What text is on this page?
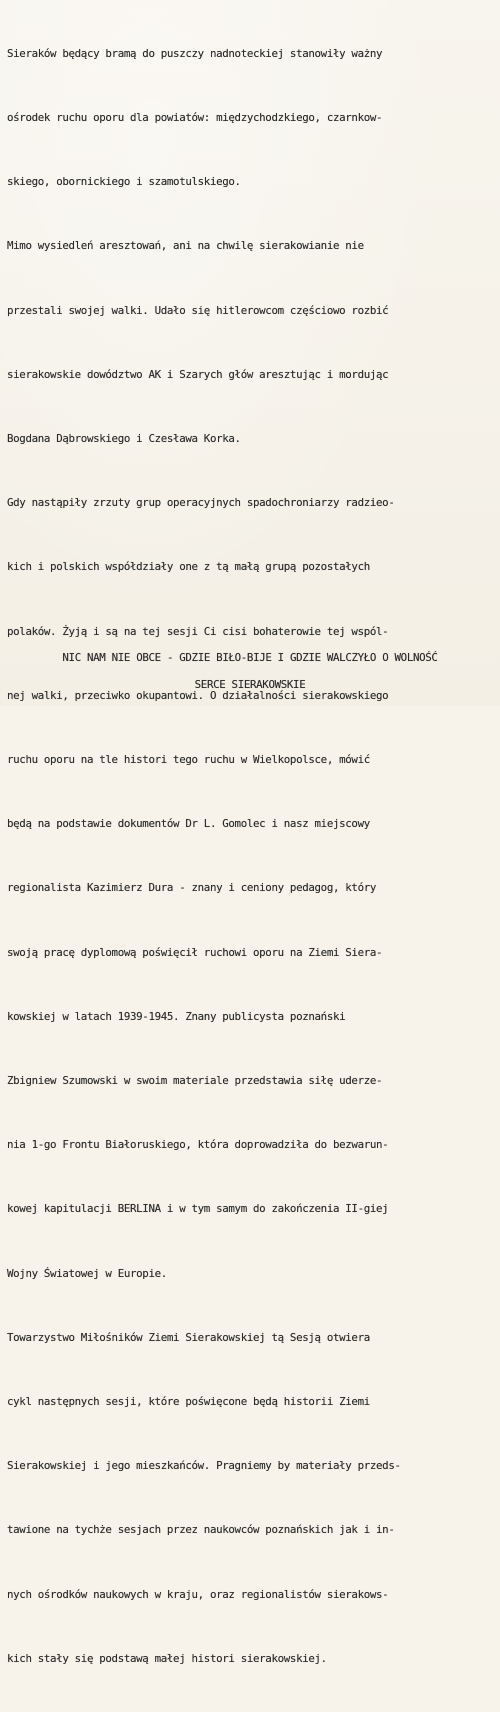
Sieraków będący bramą do puszczy nadnoteckiej stanowiły ważny

ośrodek ruchu oporu dla powiatów: międzychodzkiego, czarnkow-

skiego, obornickiego i szamotulskiego.

Mimo wysiedleń aresztowań, ani na chwilę sierakowianie nie

przestali swojej walki. Udało się hitlerowcom częściowo rozbić

sierakowskie dowództwo AK i Szarych głów aresztując i mordując

Bogdana Dąbrowskiego i Czesława Korka.

Gdy nastąpiły zrzuty grup operacyjnych spadochroniarzy radzieo-

kich i polskich współdziały one z tą małą grupą pozostałych

polaków. Żyją i są na tej sesji Ci cisi bohaterowie tej wspól-

nej walki, przeciwko okupantowi. O działalności sierakowskiego

ruchu oporu na tle histori tego ruchu w Wielkopolsce, mówić

będą na podstawie dokumentów Dr L. Gomolec i nasz miejscowy

regionalista Kazimierz Dura - znany i ceniony pedagog, który

swoją pracę dyplomową poświęcił ruchowi oporu na Ziemi Siera-

kowskiej w latach 1939-1945. Znany publicysta poznański

Zbigniew Szumowski w swoim materiale przedstawia siłę uderze-

nia 1-go Frontu Białoruskiego, która doprowadziła do bezwarun-

kowej kapitulacji BERLINA i w tym samym do zakończenia II-giej

Wojny Światowej w Europie.

Towarzystwo Miłośników Ziemi Sierakowskiej tą Sesją otwiera

cykl następnych sesji, które poświęcone będą historii Ziemi

Sierakowskiej i jego mieszkańców. Pragniemy by materiały przeds-

tawione na tychże sesjach przez naukowców poznańskich jak i in-

nych ośrodków naukowych w kraju, oraz regionalistów sierakows-

kich stały się podstawą małej histori sierakowskiej.

NIC NAM NIE OBCE - GDZIE BIŁO-BIJE I GDZIE WALCZYŁO O WOLNOŚĆ
SERCE SIERAKOWSKIE
